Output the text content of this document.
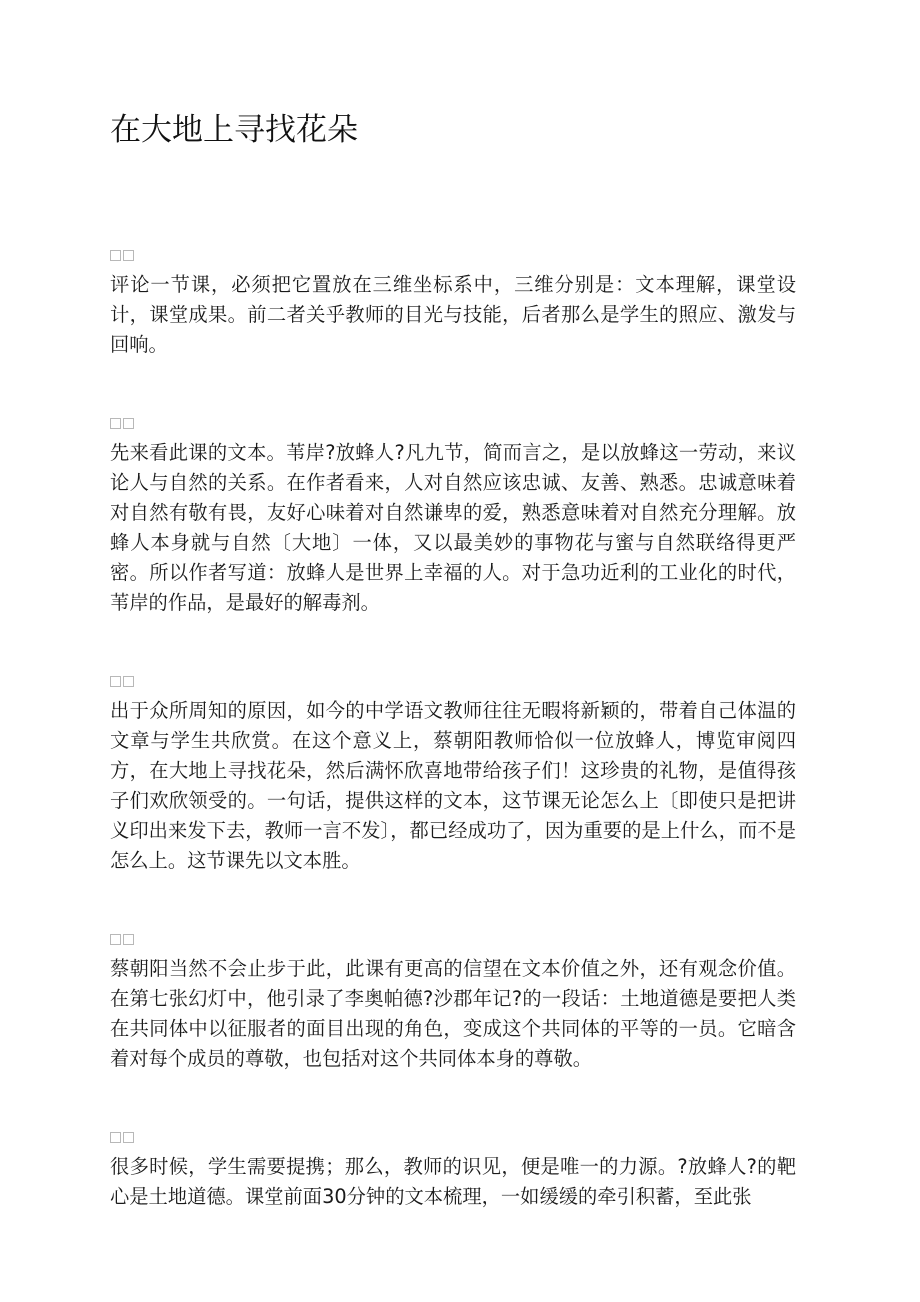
在大地上寻找花朵

评论一节课，必须把它置放在三维坐标系中，三维分别是：文本理解，课堂设计，课堂成果。前二者关乎教师的目光与技能，后者那么是学生的照应、激发与回响。

先来看此课的文本。苇岸?放蜂人?凡九节，简而言之，是以放蜂这一劳动，来议论人与自然的关系。在作者看来，人对自然应该忠诚、友善、熟悉。忠诚意味着对自然有敬有畏，友好心味着对自然谦卑的爱，熟悉意味着对自然充分理解。放蜂人本身就与自然〔大地〕一体，又以最美妙的事物花与蜜与自然联络得更严密。所以作者写道：放蜂人是世界上幸福的人。对于急功近利的工业化的时代，苇岸的作品，是最好的解毒剂。

出于众所周知的原因，如今的中学语文教师往往无暇将新颖的，带着自己体温的文章与学生共欣赏。在这个意义上，蔡朝阳教师恰似一位放蜂人，博览审阅四方，在大地上寻找花朵，然后满怀欣喜地带给孩子们！这珍贵的礼物，是值得孩子们欢欣领受的。一句话，提供这样的文本，这节课无论怎么上〔即使只是把讲义印出来发下去，教师一言不发〕，都已经成功了，因为重要的是上什么，而不是怎么上。这节课先以文本胜。

蔡朝阳当然不会止步于此，此课有更高的信望在文本价值之外，还有观念价值。在第七张幻灯中，他引录了李奥帕德?沙郡年记?的一段话：土地道德是要把人类在共同体中以征服者的面目出现的角色，变成这个共同体的平等的一员。它暗含着对每个成员的尊敬，也包括对这个共同体本身的尊敬。

很多时候，学生需要提携；那么，教师的识见，便是唯一的力源。?放蜂人?的靶心是土地道德。课堂前面30分钟的文本梳理，一如缓缓的牵引积蓄，至此张
